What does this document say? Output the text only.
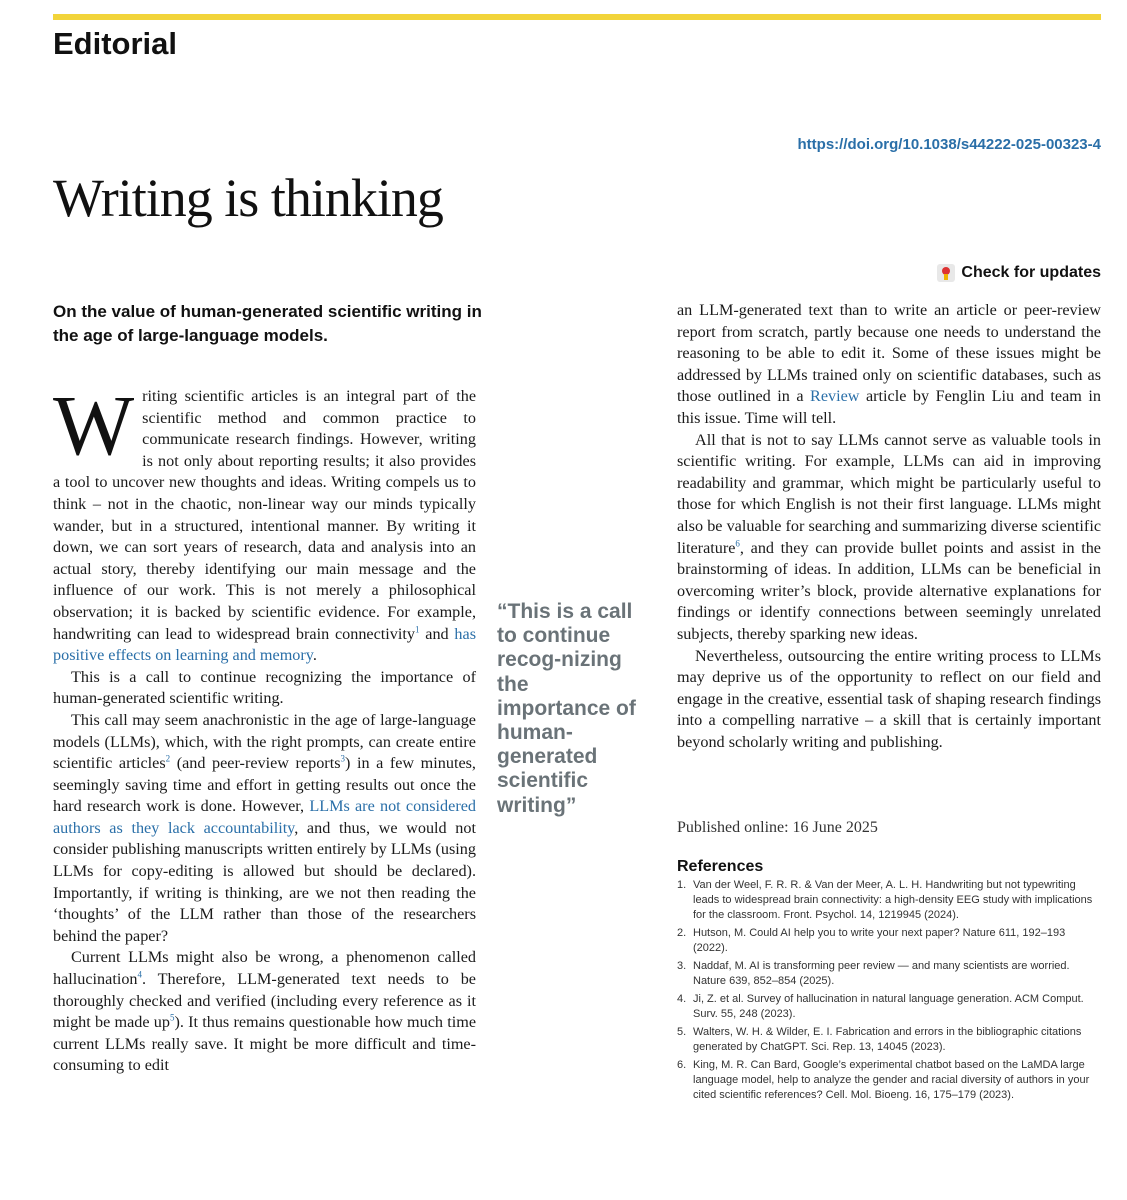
Editorial
https://doi.org/10.1038/s44222-025-00323-4
Writing is thinking
Check for updates

On the value of human-generated scientific writing in the age of large-language models.

Writing scientific articles is an integral part of the scientific method and common practice to communicate research findings. However, writing is not only about reporting results; it also provides a tool to uncover new thoughts and ideas. Writing compels us to think – not in the chaotic, non-linear way our minds typically wander, but in a structured, intentional manner. By writing it down, we can sort years of research, data and analysis into an actual story, thereby identifying our main message and the influence of our work. This is not merely a philosophical observation; it is backed by scientific evidence. For example, handwriting can lead to widespread brain connectivity$^1$ and has positive effects on learning and memory.

This is a call to continue recognizing the importance of human-generated scientific writing.

This call may seem anachronistic in the age of large-language models (LLMs), which, with the right prompts, can create entire scientific articles$^2$ (and peer-review reports$^3$) in a few minutes, seemingly saving time and effort in getting results out once the hard research work is done. However, LLMs are not considered authors as they lack accountability, and thus, we would not consider publishing manuscripts written entirely by LLMs (using LLMs for copy-editing is allowed but should be declared). Importantly, if writing is thinking, are we not then reading the ‘thoughts’ of the LLM rather than those of the researchers behind the paper?

Current LLMs might also be wrong, a phenomenon called hallucination$^4$. Therefore, LLM-generated text needs to be thoroughly checked and verified (including every reference as it might be made $up^5$). It thus remains questionable how much time current LLMs really save. It might be more difficult and time-consuming to edit

“This is a call to continue recog-nizing the importance of human-generated scientific writing”

an LLM-generated text than to write an article or peer-review report from scratch, partly because one needs to understand the reasoning to be able to edit it. Some of these issues might be addressed by LLMs trained only on scientific databases, such as those outlined in a Review article by Fenglin Liu and team in this issue. Time will tell.

All that is not to say LLMs cannot serve as valuable tools in scientific writing. For example, LLMs can aid in improving readability and grammar, which might be particularly useful to those for which English is not their first language. LLMs might also be valuable for searching and summarizing diverse scientific literature$^6$, and they can provide bullet points and assist in the brainstorming of ideas. In addition, LLMs can be beneficial in overcoming writer’s block, provide alternative explanations for findings or identify connections between seemingly unrelated subjects, thereby sparking new ideas.

Nevertheless, outsourcing the entire writing process to LLMs may deprive us of the opportunity to reflect on our field and engage in the creative, essential task of shaping research findings into a compelling narrative – a skill that is certainly important beyond scholarly writing and publishing.

Published online: 16 June 2025
References
1. Van der Weel, F. R. R. & Van der Meer, A. L. H. Handwriting but not typewriting leads to widespread brain connectivity: a high-density EEG study with implications for the classroom. Front. Psychol. 14, 1219945 (2024).
2. Hutson, M. Could AI help you to write your next paper? Nature 611, 192–193 (2022).
3. Naddaf, M. AI is transforming peer review — and many scientists are worried. Nature 639, 852–854 (2025).
4. Ji, Z. et al. Survey of hallucination in natural language generation. ACM Comput. Surv. 55, 248 (2023).
5. Walters, W. H. & Wilder, E. I. Fabrication and errors in the bibliographic citations generated by ChatGPT. Sci. Rep. 13, 14045 (2023).
6. King, M. R. Can Bard, Google’s experimental chatbot based on the LaMDA large language model, help to analyze the gender and racial diversity of authors in your cited scientific references? Cell. Mol. Bioeng. 16, 175–179 (2023).
